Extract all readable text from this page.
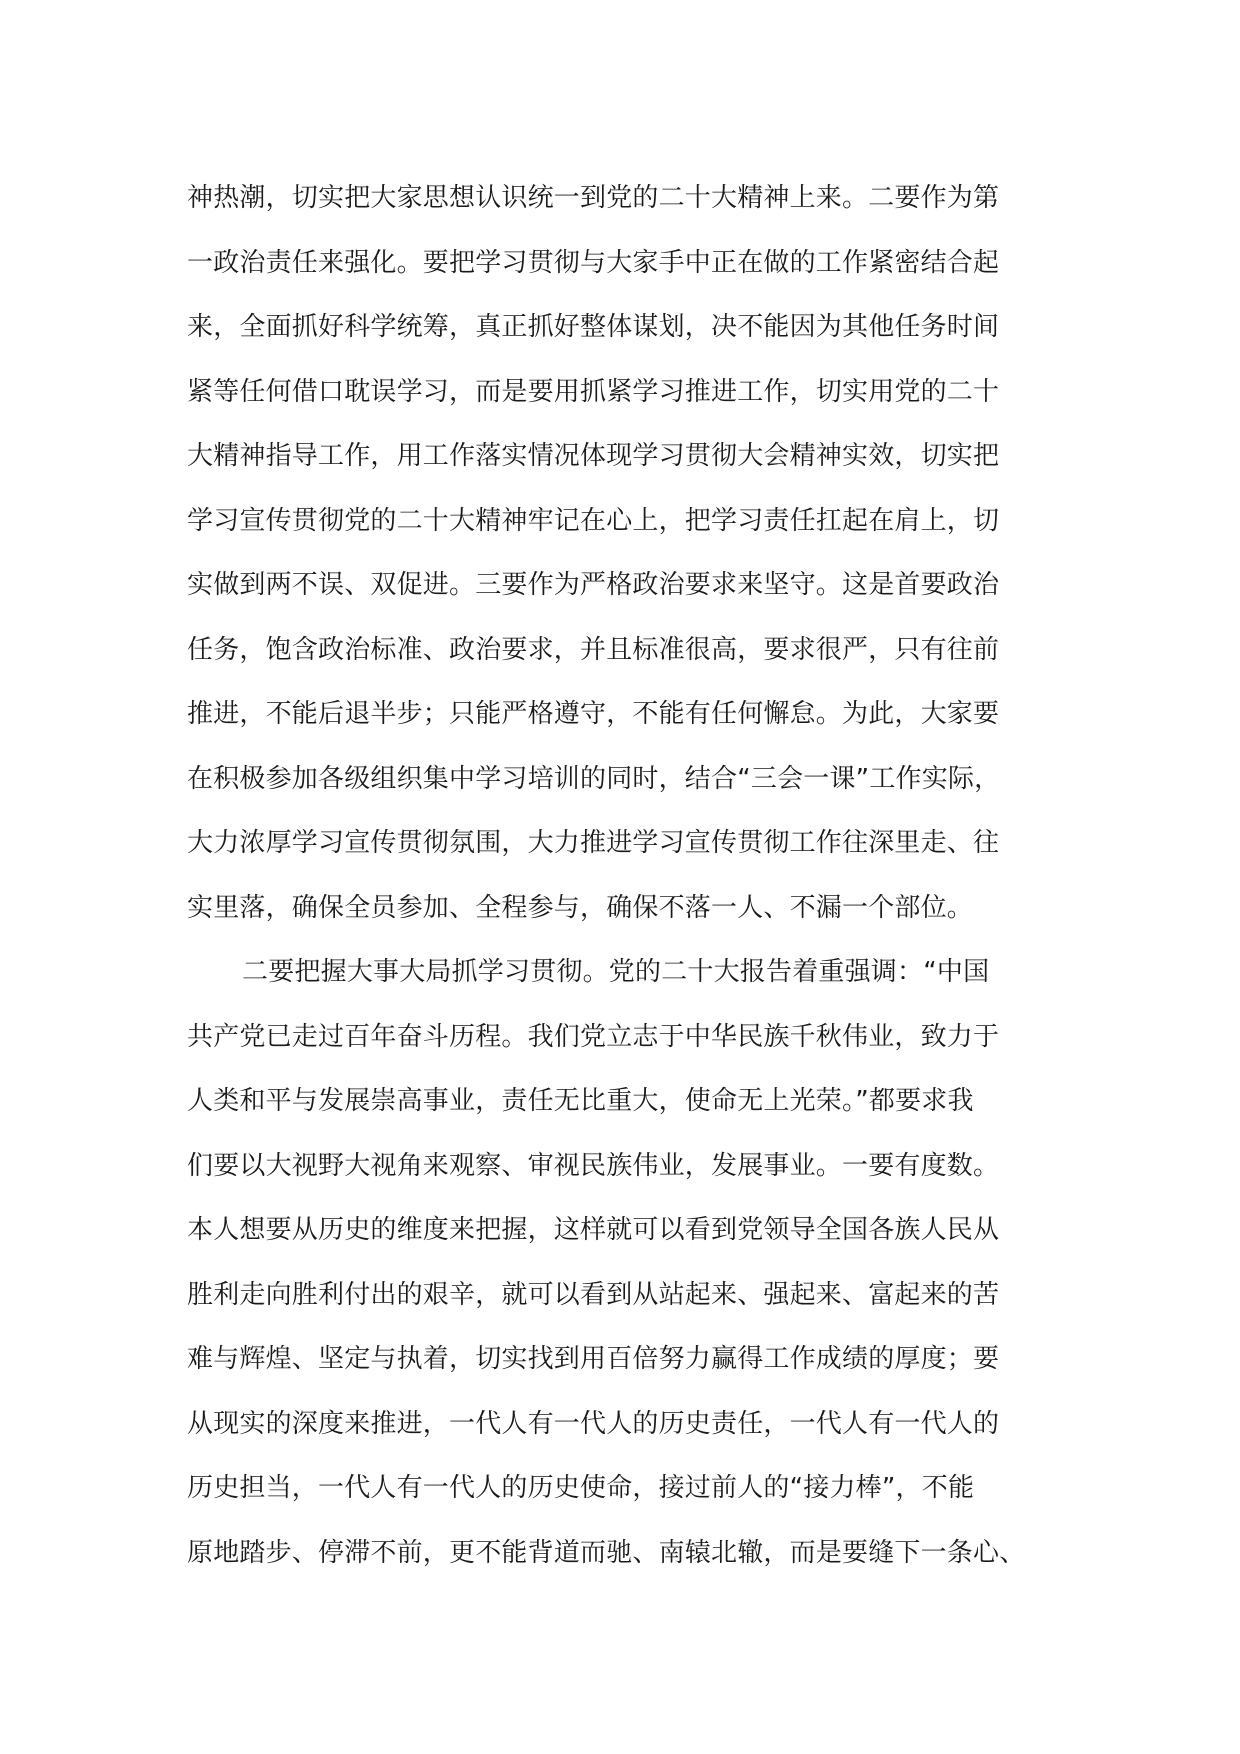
神热潮，切实把大家思想认识统一到党的二十大精神上来。二要作为第
一政治责任来强化。要把学习贯彻与大家手中正在做的工作紧密结合起
来，全面抓好科学统筹，真正抓好整体谋划，决不能因为其他任务时间
紧等任何借口耽误学习，而是要用抓紧学习推进工作，切实用党的二十
大精神指导工作，用工作落实情况体现学习贯彻大会精神实效，切实把
学习宣传贯彻党的二十大精神牢记在心上，把学习责任扛起在肩上，切
实做到两不误、双促进。三要作为严格政治要求来坚守。这是首要政治
任务，饱含政治标准、政治要求，并且标准很高，要求很严，只有往前
推进，不能后退半步；只能严格遵守，不能有任何懈怠。为此，大家要
在积极参加各级组织集中学习培训的同时，结合“三会一课”工作实际，
大力浓厚学习宣传贯彻氛围，大力推进学习宣传贯彻工作往深里走、往
实里落，确保全员参加、全程参与，确保不落一人、不漏一个部位。
二要把握大事大局抓学习贯彻。党的二十大报告着重强调：“中国
共产党已走过百年奋斗历程。我们党立志于中华民族千秋伟业，致力于
人类和平与发展崇高事业，责任无比重大，使命无上光荣。”都要求我
们要以大视野大视角来观察、审视民族伟业，发展事业。一要有度数。
本人想要从历史的维度来把握，这样就可以看到党领导全国各族人民从
胜利走向胜利付出的艰辛，就可以看到从站起来、强起来、富起来的苦
难与辉煌、坚定与执着，切实找到用百倍努力赢得工作成绩的厚度；要
从现实的深度来推进，一代人有一代人的历史责任，一代人有一代人的
历史担当，一代人有一代人的历史使命，接过前人的“接力棒”，不能
原地踏步、停滞不前，更不能背道而驰、南辕北辙，而是要缝下一条心、
